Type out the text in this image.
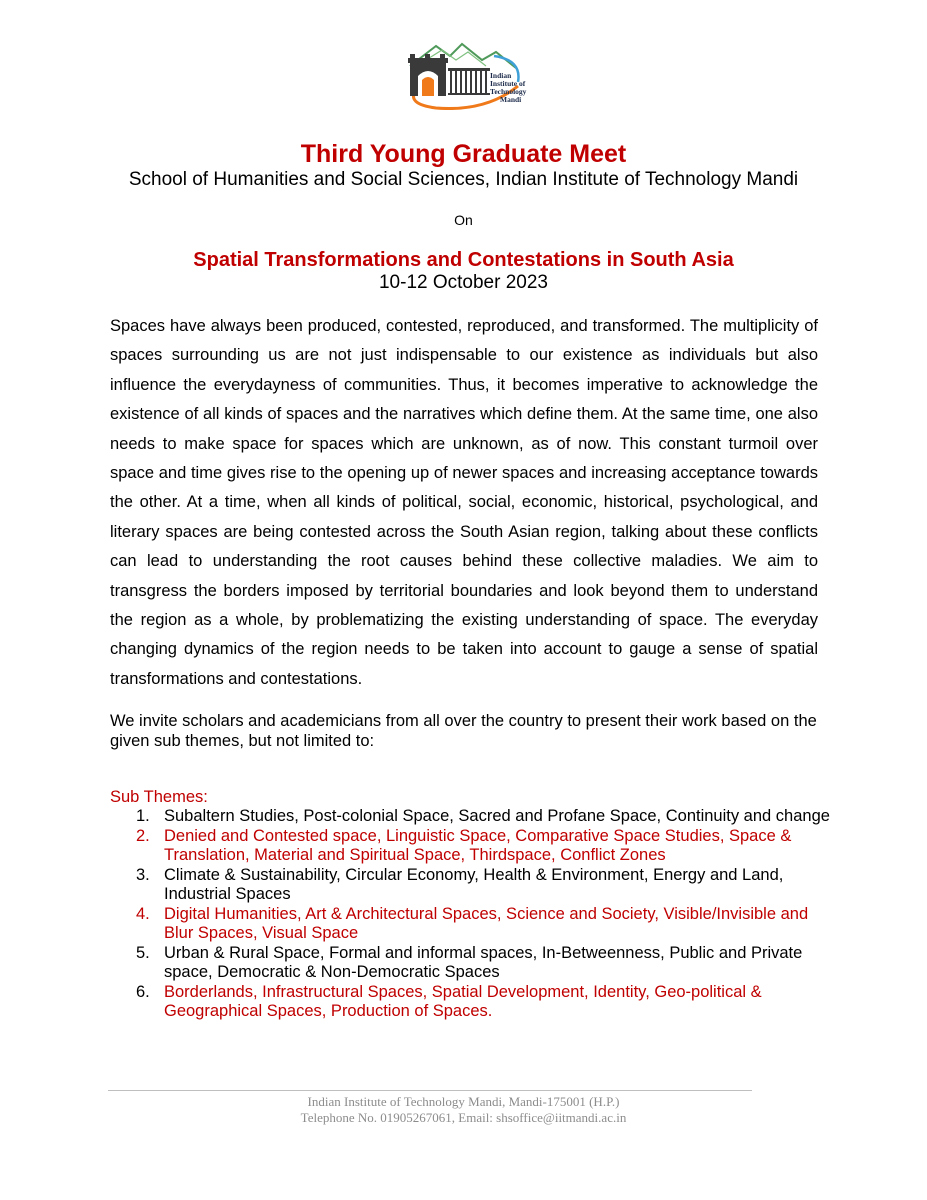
Indian
Institute of
Technology
Mandi
Third Young Graduate Meet
School of Humanities and Social Sciences, Indian Institute of Technology Mandi
On
Spatial Transformations and Contestations in South Asia
10-12 October 2023

Spaces have always been produced, contested, reproduced, and transformed. The multiplicity of spaces surrounding us are not just indispensable to our existence as individuals but also influence the everydayness of communities. Thus, it becomes imperative to acknowledge the existence of all kinds of spaces and the narratives which define them. At the same time, one also needs to make space for spaces which are unknown, as of now. This constant turmoil over space and time gives rise to the opening up of newer spaces and increasing acceptance towards the other. At a time, when all kinds of political, social, economic, historical, psychological, and literary spaces are being contested across the South Asian region, talking about these conflicts can lead to understanding the root causes behind these collective maladies. We aim to transgress the borders imposed by territorial boundaries and look beyond them to understand the region as a whole, by problematizing the existing understanding of space. The everyday changing dynamics of the region needs to be taken into account to gauge a sense of spatial transformations and contestations.

We invite scholars and academicians from all over the country to present their work based on the given sub themes, but not limited to:

Sub Themes:
1. Subaltern Studies, Post-colonial Space, Sacred and Profane Space, Continuity and change
2. Denied and Contested space, Linguistic Space, Comparative Space Studies, Space & Translation, Material and Spiritual Space, Thirdspace, Conflict Zones
3. Climate & Sustainability, Circular Economy, Health & Environment, Energy and Land, Industrial Spaces
4. Digital Humanities, Art & Architectural Spaces, Science and Society, Visible/Invisible and Blur Spaces, Visual Space
5. Urban & Rural Space, Formal and informal spaces, In-Betweenness, Public and Private space, Democratic & Non-Democratic Spaces
6. Borderlands, Infrastructural Spaces, Spatial Development, Identity, Geo-political & Geographical Spaces, Production of Spaces.
Indian Institute of Technology Mandi, Mandi-175001 (H.P.)
Telephone No. 01905267061, Email: shsoffice@iitmandi.ac.in
